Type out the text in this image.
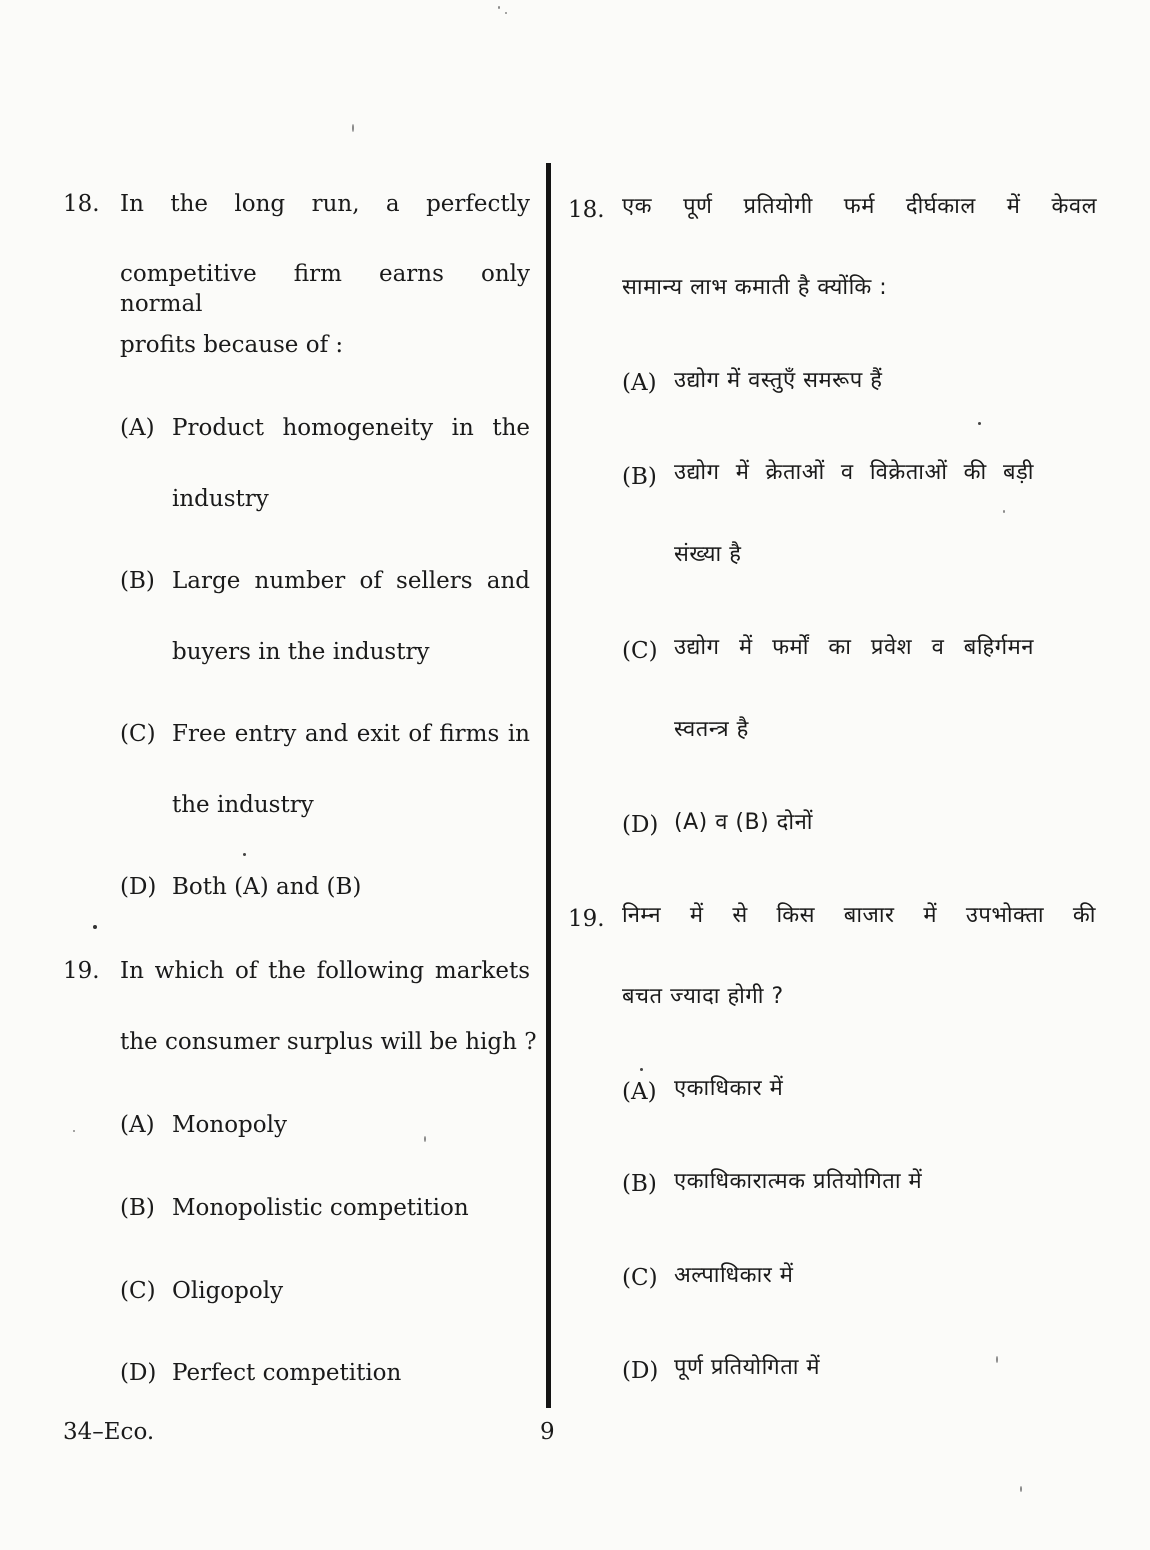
18. In the long run, a perfectly
competitive firm earns only normal
profits because of :
(A) Product homogeneity in the
industry
(B) Large number of sellers and
buyers in the industry
(C) Free entry and exit of firms in
the industry
(D) Both (A) and (B)
19. In which of the following markets
the consumer surplus will be high ?
(A) Monopoly
(B) Monopolistic competition
(C) Oligopoly
(D) Perfect competition
18. एक पूर्ण प्रतियोगी फर्म दीर्घकाल में केवल
सामान्य लाभ कमाती है क्योंकि :
(A) उद्योग में वस्तुएँ समरूप हैं
(B) उद्योग में क्रेताओं व विक्रेताओं की बड़ी
संख्या है
(C) उद्योग में फर्मों का प्रवेश व बहिर्गमन
स्वतन्त्र है
(D) (A) व (B) दोनों
19. निम्न में से किस बाजार में उपभोक्ता की
बचत ज्यादा होगी ?
(A) एकाधिकार में
(B) एकाधिकारात्मक प्रतियोगिता में
(C) अल्पाधिकार में
(D) पूर्ण प्रतियोगिता में
34–Eco.	9
